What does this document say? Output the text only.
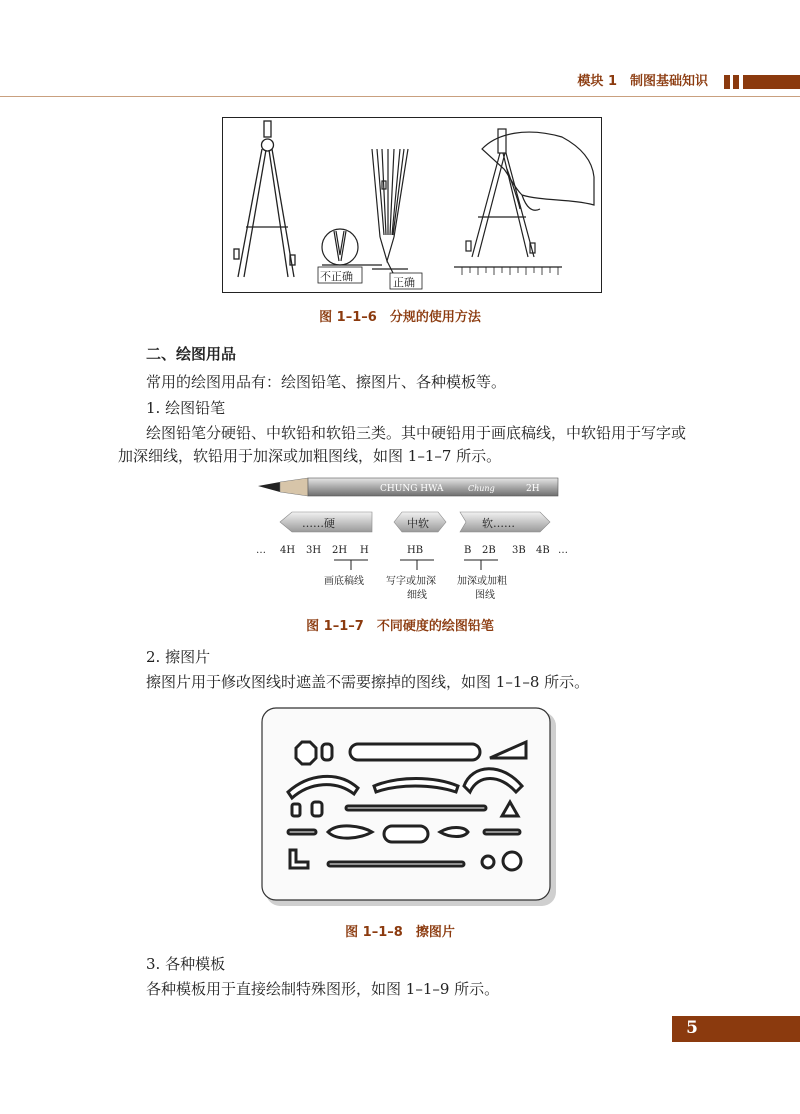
模块 1　制图基础知识
不正确	正确
图 1–1–6　分规的使用方法
二、绘图用品
常用的绘图用品有：绘图铅笔、擦图片、各种模板等。
1. 绘图铅笔
绘图铅笔分硬铅、中软铅和软铅三类。其中硬铅用于画底稿线，中软铅用于写字或
加深细线，软铅用于加深或加粗图线，如图 1–1–7 所示。
CHUNG HWA	Chung	2H
……硬	中软	软……
… 4H 3H 2H H	HB	B 2B 3B 4B …
画底稿线 写字或加深
细线
加深或加粗
图线
图 1–1–7　不同硬度的绘图铅笔
2. 擦图片
擦图片用于修改图线时遮盖不需要擦掉的图线，如图 1–1–8 所示。
图 1–1–8　擦图片
3. 各种模板
各种模板用于直接绘制特殊图形，如图 1–1–9 所示。
5
